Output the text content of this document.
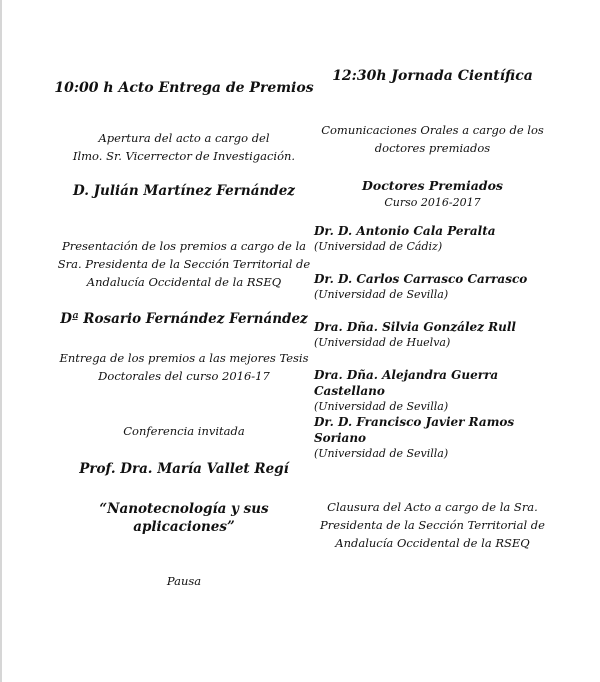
10:00 h Acto Entrega de Premios
Apertura del acto a cargo del
Ilmo. Sr. Vicerrector de Investigación.
D. Julián Martínez Fernández
Presentación de los premios a cargo de la
Sra. Presidenta de la Sección Territorial de
Andalucía Occidental de la RSEQ
Dª Rosario Fernández Fernández
Entrega de los premios a las mejores Tesis
Doctorales del curso 2016-17
Conferencia invitada
Prof. Dra. María Vallet Regí
“Nanotecnología y sus
aplicaciones”
Pausa
12:30h Jornada Científica
Comunicaciones Orales a cargo de los
doctores premiados
Doctores Premiados
Curso 2016-2017
Dr. D. Antonio Cala Peralta
(Universidad de Cádiz)
Dr. D. Carlos Carrasco Carrasco
(Universidad de Sevilla)
Dra. Dña. Silvia González Rull
(Universidad de Huelva)
Dra. Dña. Alejandra Guerra Castellano
(Universidad de Sevilla)
Dr. D. Francisco Javier Ramos
Soriano
(Universidad de Sevilla)
Clausura del Acto a cargo de la Sra.
Presidenta de la Sección Territorial de
Andalucía Occidental de la RSEQ
